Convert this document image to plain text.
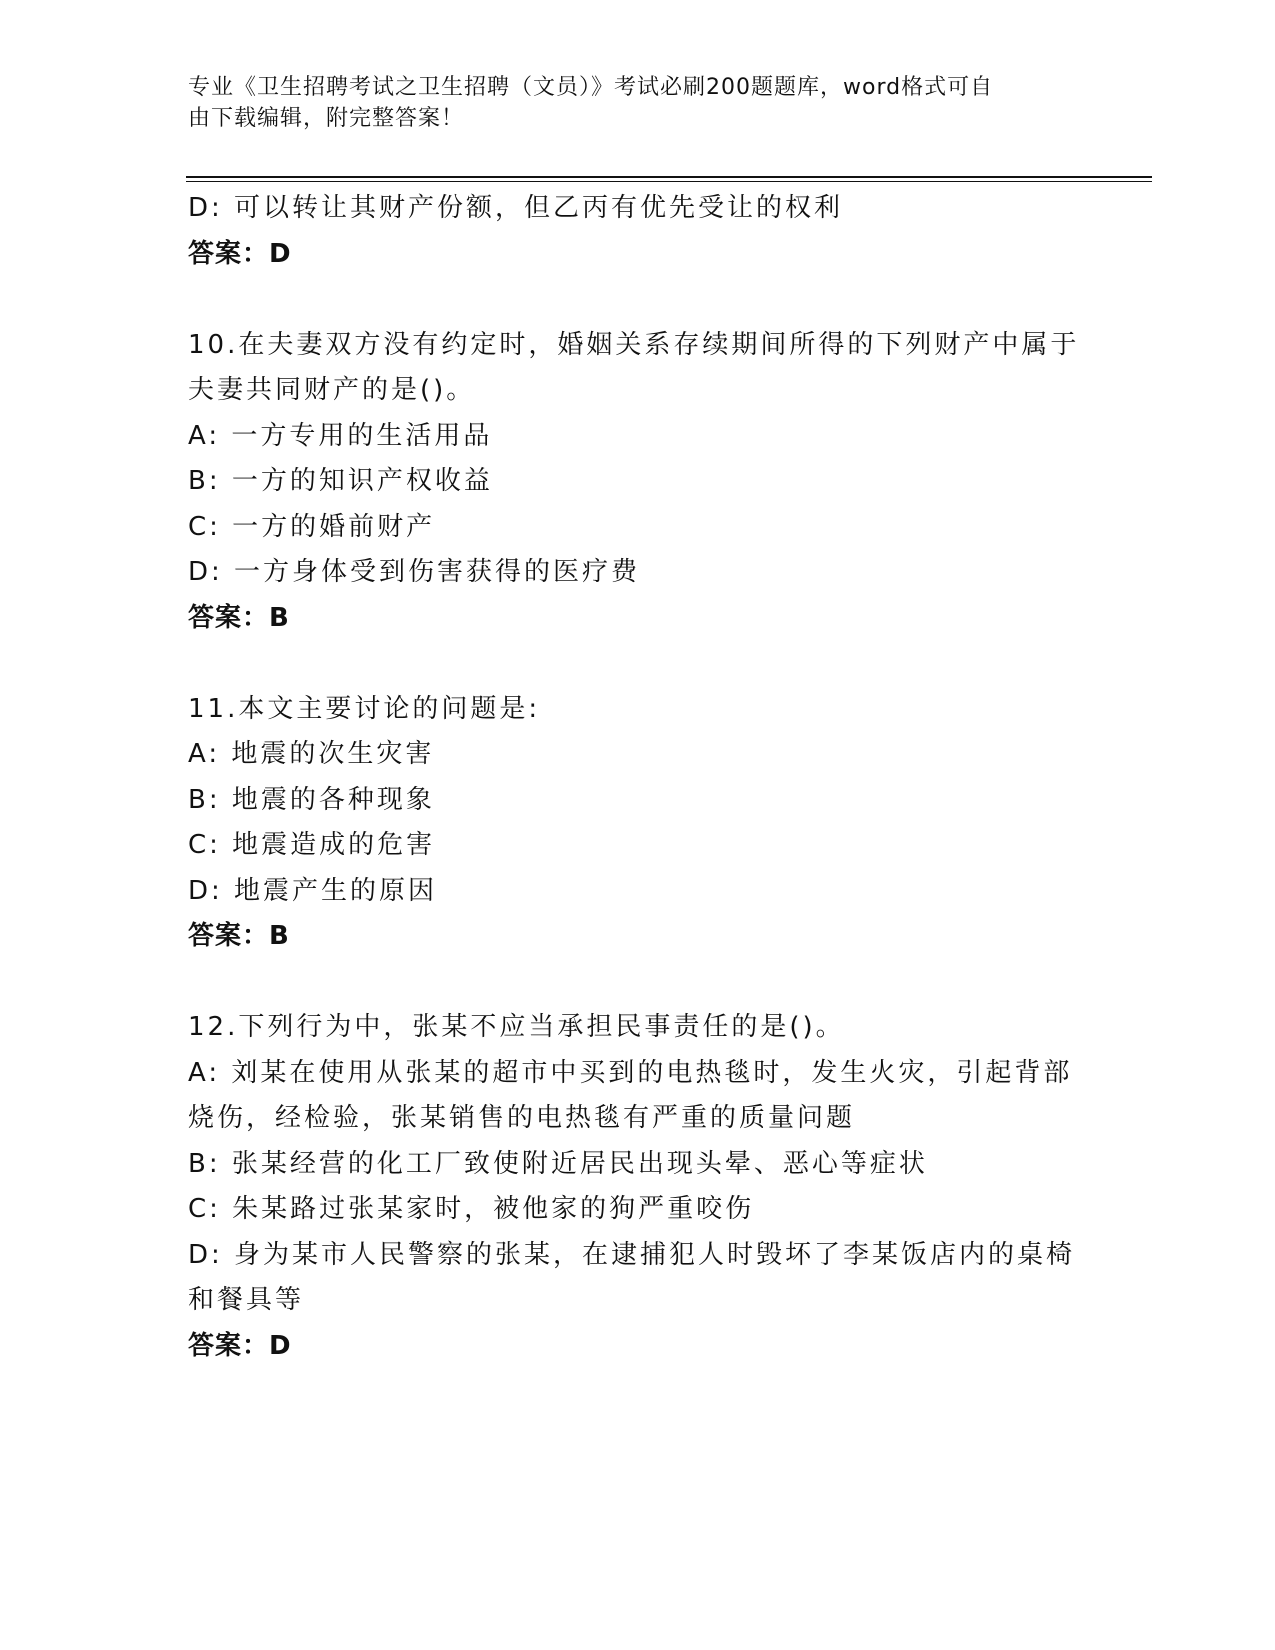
专业《卫生招聘考试之卫生招聘（文员）》考试必刷200题题库，word格式可自
由下载编辑，附完整答案！
D: 可以转让其财产份额，但乙丙有优先受让的权利
答案：D
10.在夫妻双方没有约定时，婚姻关系存续期间所得的下列财产中属于
夫妻共同财产的是()。
A: 一方专用的生活用品
B: 一方的知识产权收益
C: 一方的婚前财产
D: 一方身体受到伤害获得的医疗费
答案：B
11.本文主要讨论的问题是:
A: 地震的次生灾害
B: 地震的各种现象
C: 地震造成的危害
D: 地震产生的原因
答案：B
12.下列行为中，张某不应当承担民事责任的是()。
A: 刘某在使用从张某的超市中买到的电热毯时，发生火灾，引起背部
烧伤，经检验，张某销售的电热毯有严重的质量问题
B: 张某经营的化工厂致使附近居民出现头晕、恶心等症状
C: 朱某路过张某家时，被他家的狗严重咬伤
D: 身为某市人民警察的张某，在逮捕犯人时毁坏了李某饭店内的桌椅
和餐具等
答案：D
